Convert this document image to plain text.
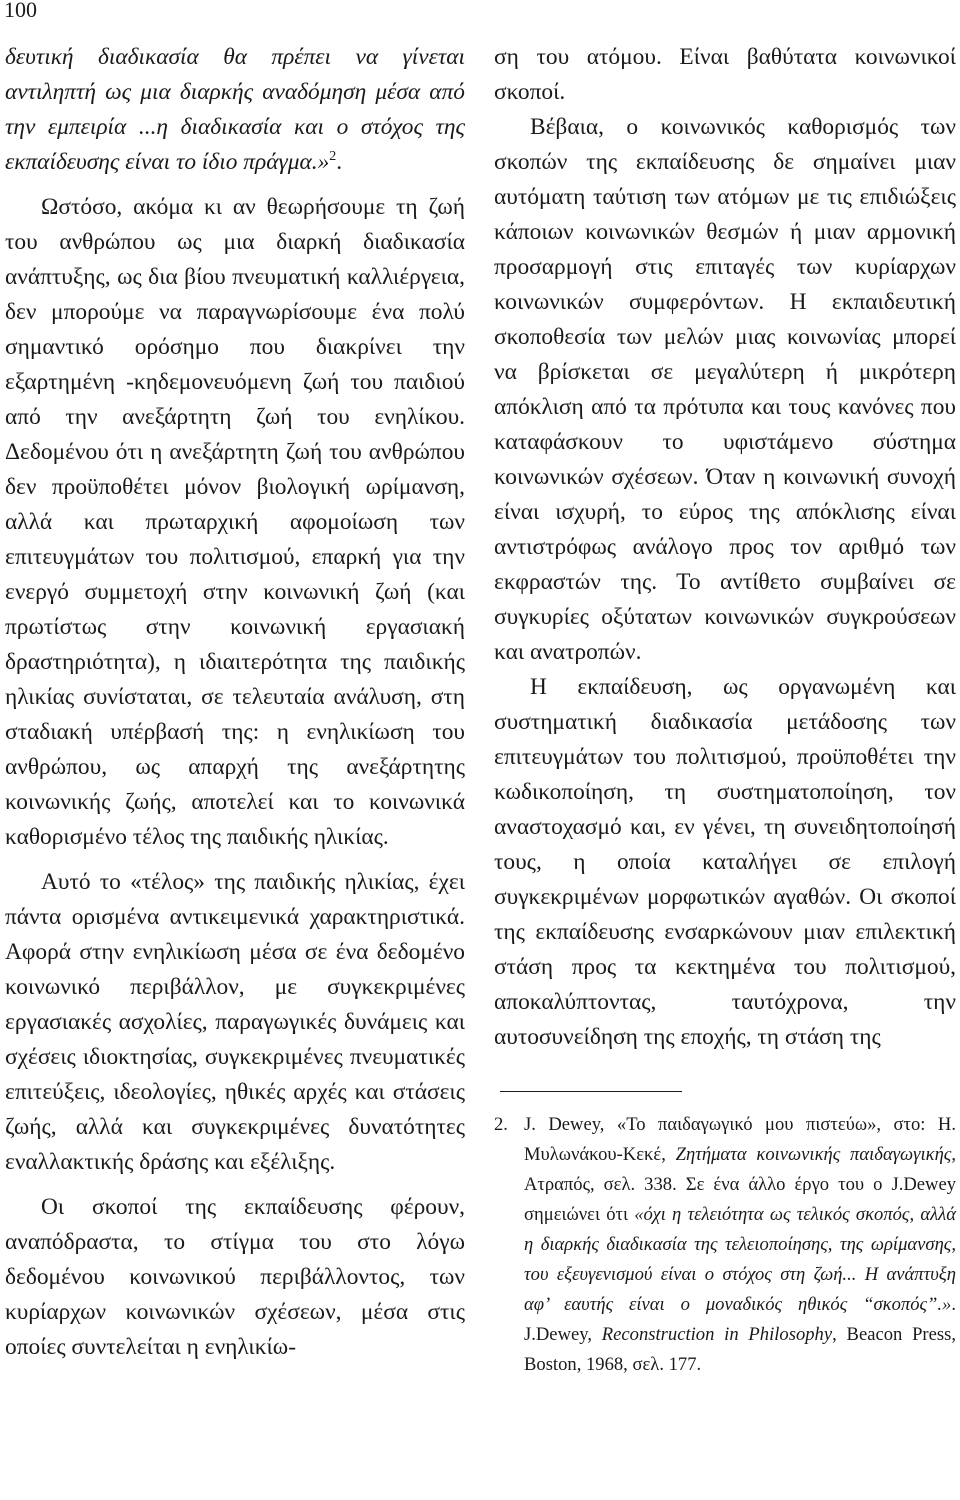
100

δευτική διαδικασία θα πρέπει να γίνεται αντιληπτή ως μια διαρκής αναδόμηση μέσα από την εμπειρία ...η διαδικασία και ο στόχος της εκπαίδευσης είναι το ίδιο πράγμα.»$^2$.

Ωστόσο, ακόμα κι αν θεωρήσουμε τη ζωή του ανθρώπου ως μια διαρκή διαδικασία ανάπτυξης, ως δια βίου πνευματική καλλιέργεια, δεν μπορούμε να παραγνωρίσουμε ένα πολύ σημαντικό ορόσημο που διακρίνει την εξαρτημένη -κηδεμονευόμενη ζωή του παιδιού από την ανεξάρτητη ζωή του ενηλίκου. Δεδομένου ότι η ανεξάρτητη ζωή του ανθρώπου δεν προϋποθέτει μόνον βιολογική ωρίμανση, αλλά και πρωταρχική αφομοίωση των επιτευγμάτων του πολιτισμού, επαρκή για την ενεργό συμμετοχή στην κοινωνική ζωή (και πρωτίστως στην κοινωνική εργασιακή δραστηριότητα), η ιδιαιτερότητα της παιδικής ηλικίας συνίσταται, σε τελευταία ανάλυση, στη σταδιακή υπέρβασή της: η ενηλικίωση του ανθρώπου, ως απαρχή της ανεξάρτητης κοινωνικής ζωής, αποτελεί και το κοινωνικά καθορισμένο τέλος της παιδικής ηλικίας.

Αυτό το «τέλος» της παιδικής ηλικίας, έχει πάντα ορισμένα αντικειμενικά χαρακτηριστικά. Αφορά στην ενηλικίωση μέσα σε ένα δεδομένο κοινωνικό περιβάλλον, με συγκεκριμένες εργασιακές ασχολίες, παραγωγικές δυνάμεις και σχέσεις ιδιοκτησίας, συγκεκριμένες πνευματικές επιτεύξεις, ιδεολογίες, ηθικές αρχές και στάσεις ζωής, αλλά και συγκεκριμένες δυνατότητες εναλλακτικής δράσης και εξέλιξης.

Οι σκοποί της εκπαίδευσης φέρουν, αναπόδραστα, το στίγμα του στο λόγω δεδομένου κοινωνικού περιβάλλοντος, των κυρίαρχων κοινωνικών σχέσεων, μέσα στις οποίες συντελείται η ενηλικίω-

ση του ατόμου. Είναι βαθύτατα κοινωνικοί σκοποί.

Βέβαια, ο κοινωνικός καθορισμός των σκοπών της εκπαίδευσης δε σημαίνει μιαν αυτόματη ταύτιση των ατόμων με τις επιδιώξεις κάποιων κοινωνικών θεσμών ή μιαν αρμονική προσαρμογή στις επιταγές των κυρίαρχων κοινωνικών συμφερόντων. Η εκπαιδευτική σκοποθεσία των μελών μιας κοινωνίας μπορεί να βρίσκεται σε μεγαλύτερη ή μικρότερη απόκλιση από τα πρότυπα και τους κανόνες που καταφάσκουν το υφιστάμενο σύστημα κοινωνικών σχέσεων. Όταν η κοινωνική συνοχή είναι ισχυρή, το εύρος της απόκλισης είναι αντιστρόφως ανάλογο προς τον αριθμό των εκφραστών της. Το αντίθετο συμβαίνει σε συγκυρίες οξύτατων κοινωνικών συγκρούσεων και ανατροπών.

Η εκπαίδευση, ως οργανωμένη και συστηματική διαδικασία μετάδοσης των επιτευγμάτων του πολιτισμού, προϋποθέτει την κωδικοποίηση, τη συστηματοποίηση, τον αναστοχασμό και, εν γένει, τη συνειδητοποίησή τους, η οποία καταλήγει σε επιλογή συγκεκριμένων μορφωτικών αγαθών. Οι σκοποί της εκπαίδευσης ενσαρκώνουν μιαν επιλεκτική στάση προς τα κεκτημένα του πολιτισμού, αποκαλύπτοντας, ταυτόχρονα, την αυτοσυνείδηση της εποχής, τη στάση της

2. J. Dewey, «Το παιδαγωγικό μου πιστεύω», στο: Η. Μυλωνάκου-Κεκέ, Ζητήματα κοινωνικής παιδαγωγικής, Ατραπός, σελ. 338. Σε ένα άλλο έργο του ο J.Dewey σημειώνει ότι «όχι η τελειότητα ως τελικός σκοπός, αλλά η διαρκής διαδικασία της τελειοποίησης, της ωρίμανσης, του εξευγενισμού είναι ο στόχος στη ζωή... Η ανάπτυξη αφ’ εαυτής είναι ο μοναδικός ηθικός “σκοπός”.». J.Dewey, Reconstruction in Philosophy, Beacon Press, Boston, 1968, σελ. 177.
